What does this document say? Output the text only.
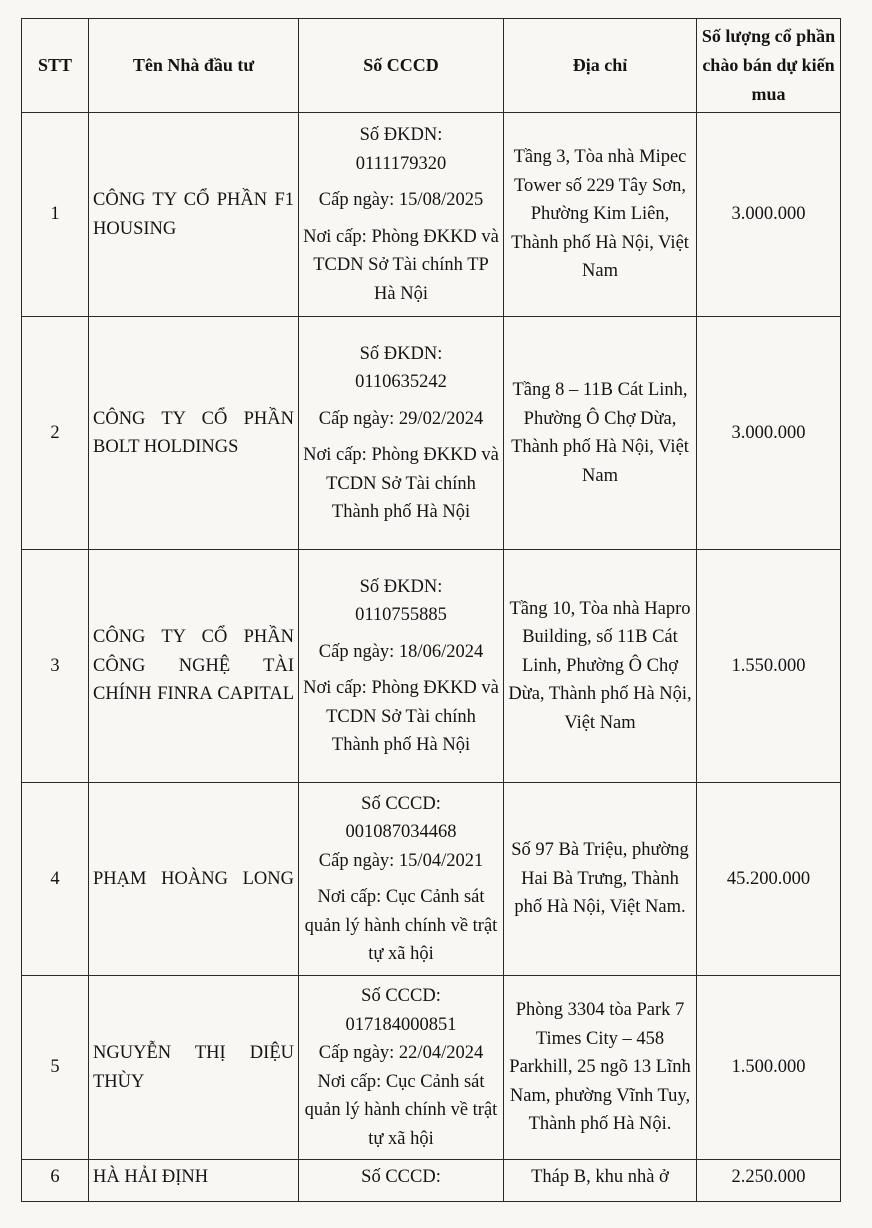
STT	Tên Nhà đầu tư	Số CCCD	Địa chỉ	Số lượng cổ phần chào bán dự kiến mua
1	CÔNG TY CỔ PHẦN F1 HOUSING	Số ĐKDN:
0111179320
Cấp ngày: 15/08/2025
Nơi cấp: Phòng ĐKKD và TCDN Sở Tài chính TP Hà Nội	Tầng 3, Tòa nhà Mipec Tower số 229 Tây Sơn, Phường Kim Liên, Thành phố Hà Nội, Việt Nam	3.000.000
2	CÔNG TY CỔ PHẦN BOLT HOLDINGS	Số ĐKDN:
0110635242
Cấp ngày: 29/02/2024
Nơi cấp: Phòng ĐKKD và TCDN Sở Tài chính Thành phố Hà Nội	Tầng 8 – 11B Cát Linh, Phường Ô Chợ Dừa, Thành phố Hà Nội, Việt Nam	3.000.000
3	CÔNG TY CỔ PHẦN CÔNG NGHỆ TÀI CHÍNH FINRA CAPITAL	Số ĐKDN:
0110755885
Cấp ngày: 18/06/2024
Nơi cấp: Phòng ĐKKD và TCDN Sở Tài chính Thành phố Hà Nội	Tầng 10, Tòa nhà Hapro Building, số 11B Cát Linh, Phường Ô Chợ Dừa, Thành phố Hà Nội, Việt Nam	1.550.000
4	PHẠM HOÀNG LONG	Số CCCD:
001087034468
Cấp ngày: 15/04/2021
Nơi cấp: Cục Cảnh sát quản lý hành chính về trật tự xã hội	Số 97 Bà Triệu, phường Hai Bà Trưng, Thành phố Hà Nội, Việt Nam.	45.200.000
5	NGUYỄN THỊ DIỆU THÙY	Số CCCD:
017184000851
Cấp ngày: 22/04/2024
Nơi cấp: Cục Cảnh sát quản lý hành chính về trật tự xã hội	Phòng 3304 tòa Park 7 Times City – 458 Parkhill, 25 ngõ 13 Lĩnh Nam, phường Vĩnh Tuy, Thành phố Hà Nội.	1.500.000
6	HÀ HẢI ĐỊNH	Số CCCD:	Tháp B, khu nhà ở	2.250.000
